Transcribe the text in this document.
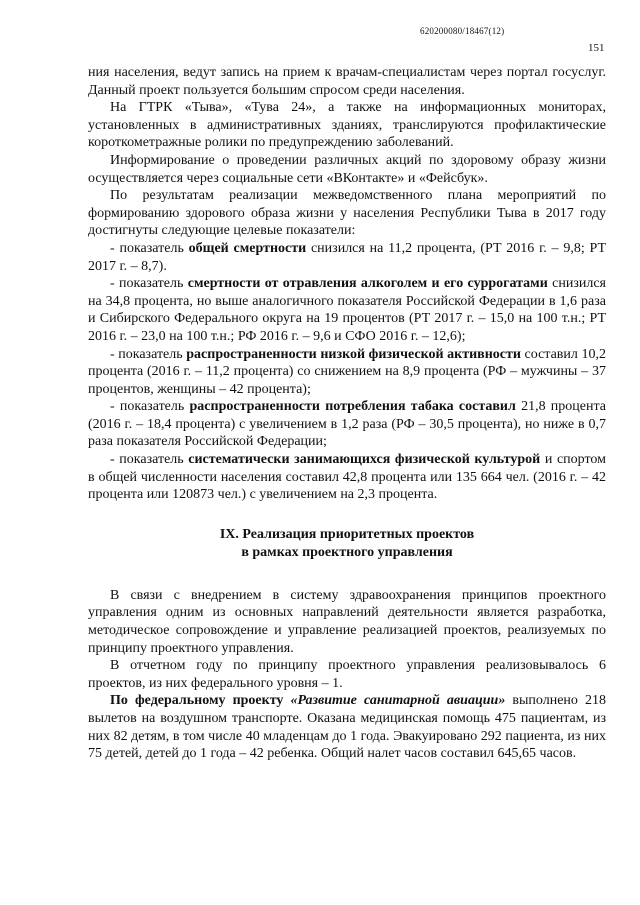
620200080/18467(12)
151

ния населения, ведут запись на прием к врачам-специалистам через портал госуслуг. Данный проект пользуется большим спросом среди населения.

На ГТРК «Тыва», «Тува 24», а также на информационных мониторах, установленных в административных зданиях, транслируются профилактические короткометражные ролики по предупреждению заболеваний.

Информирование о проведении различных акций по здоровому образу жизни осуществляется через социальные сети «ВКонтакте» и «Фейсбук».

По результатам реализации межведомственного плана мероприятий по формированию здорового образа жизни у населения Республики Тыва в 2017 году достигнуты следующие целевые показатели:

- показатель общей смертности снизился на 11,2 процента, (РТ 2016 г. – 9,8; РТ 2017 г. – 8,7).

- показатель смертности от отравления алкоголем и его суррогатами снизился на 34,8 процента, но выше аналогичного показателя Российской Федерации в 1,6 раза и Сибирского Федерального округа на 19 процентов (РТ 2017 г. – 15,0 на 100 т.н.; РТ 2016 г. – 23,0 на 100 т.н.; РФ 2016 г. – 9,6 и СФО 2016 г. – 12,6);

- показатель распространенности низкой физической активности составил 10,2 процента (2016 г. – 11,2 процента) со снижением на 8,9 процента (РФ – мужчины – 37 процентов, женщины – 42 процента);

- показатель распространенности потребления табака составил 21,8 процента (2016 г. – 18,4 процента) с увеличением в 1,2 раза (РФ – 30,5 процента), но ниже в 0,7 раза показателя Российской Федерации;

- показатель систематически занимающихся физической культурой и спортом в общей численности населения составил 42,8 процента или 135 664 чел. (2016 г. – 42 процента или 120873 чел.) с увеличением на 2,3 процента.

IX. Реализация приоритетных проектов
в рамках проектного управления

В связи с внедрением в систему здравоохранения принципов проектного управления одним из основных направлений деятельности является разработка, методическое сопровождение и управление реализацией проектов, реализуемых по принципу проектного управления.

В отчетном году по принципу проектного управления реализовывалось 6 проектов, из них федерального уровня – 1.

По федеральному проекту «Развитие санитарной авиации» выполнено 218 вылетов на воздушном транспорте. Оказана медицинская помощь 475 пациентам, из них 82 детям, в том числе 40 младенцам до 1 года. Эвакуировано 292 пациента, из них 75 детей, детей до 1 года – 42 ребенка. Общий налет часов составил 645,65 часов.
